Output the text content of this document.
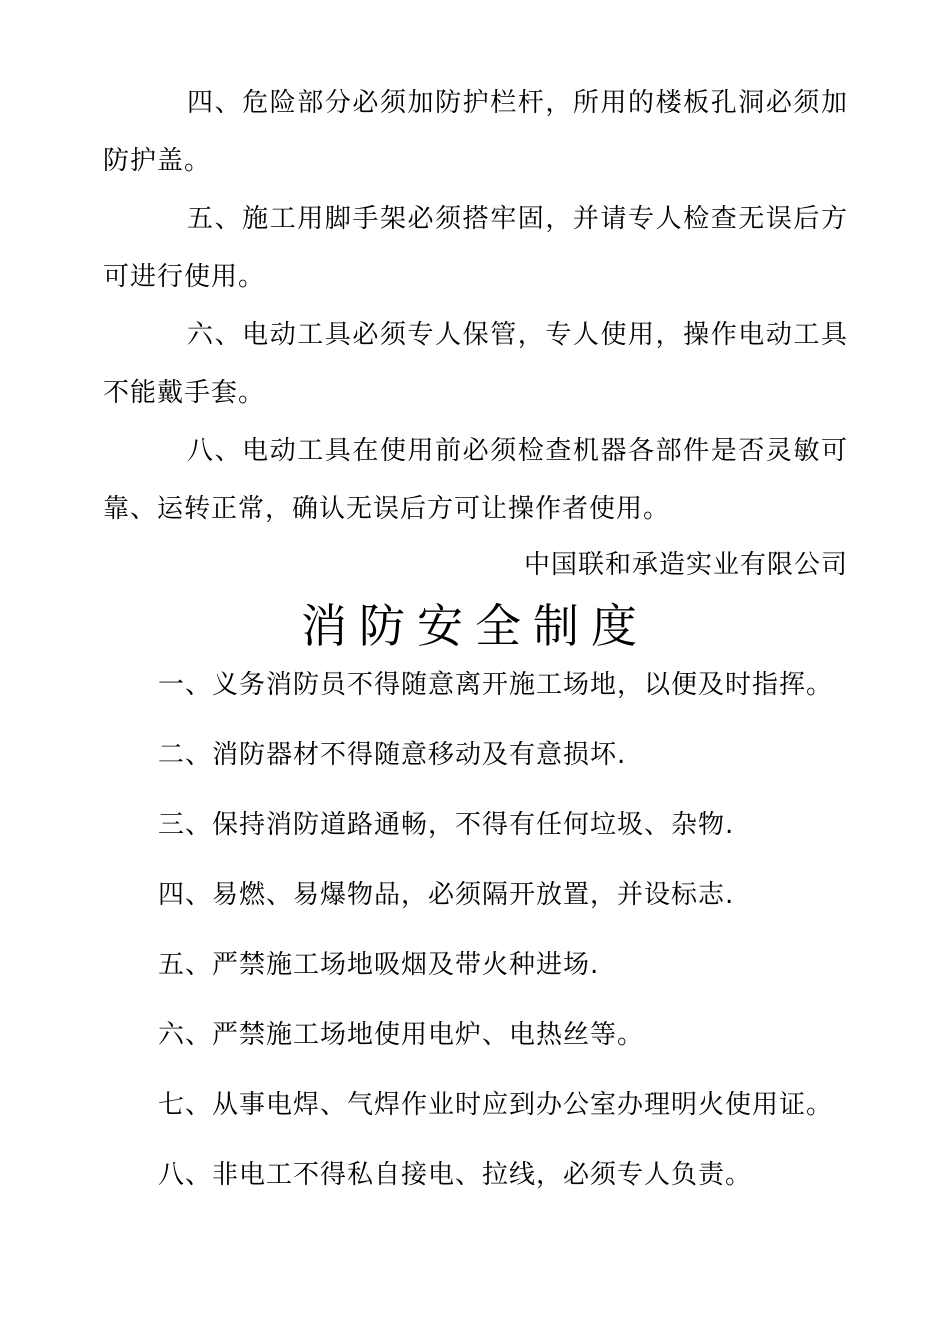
四、危险部分必须加防护栏杆，所用的楼板孔洞必须加防护盖。

五、施工用脚手架必须搭牢固，并请专人检查无误后方可进行使用。

六、电动工具必须专人保管，专人使用，操作电动工具不能戴手套。

八、电动工具在使用前必须检查机器各部件是否灵敏可靠、运转正常，确认无误后方可让操作者使用。

中国联和承造实业有限公司

消防安全制度
一、义务消防员不得随意离开施工场地，以便及时指挥。
二、消防器材不得随意移动及有意损坏.
三、保持消防道路通畅，不得有任何垃圾、杂物.
四、易燃、易爆物品，必须隔开放置，并设标志.
五、严禁施工场地吸烟及带火种进场.
六、严禁施工场地使用电炉、电热丝等。
七、从事电焊、气焊作业时应到办公室办理明火使用证。
八、非电工不得私自接电、拉线，必须专人负责。
